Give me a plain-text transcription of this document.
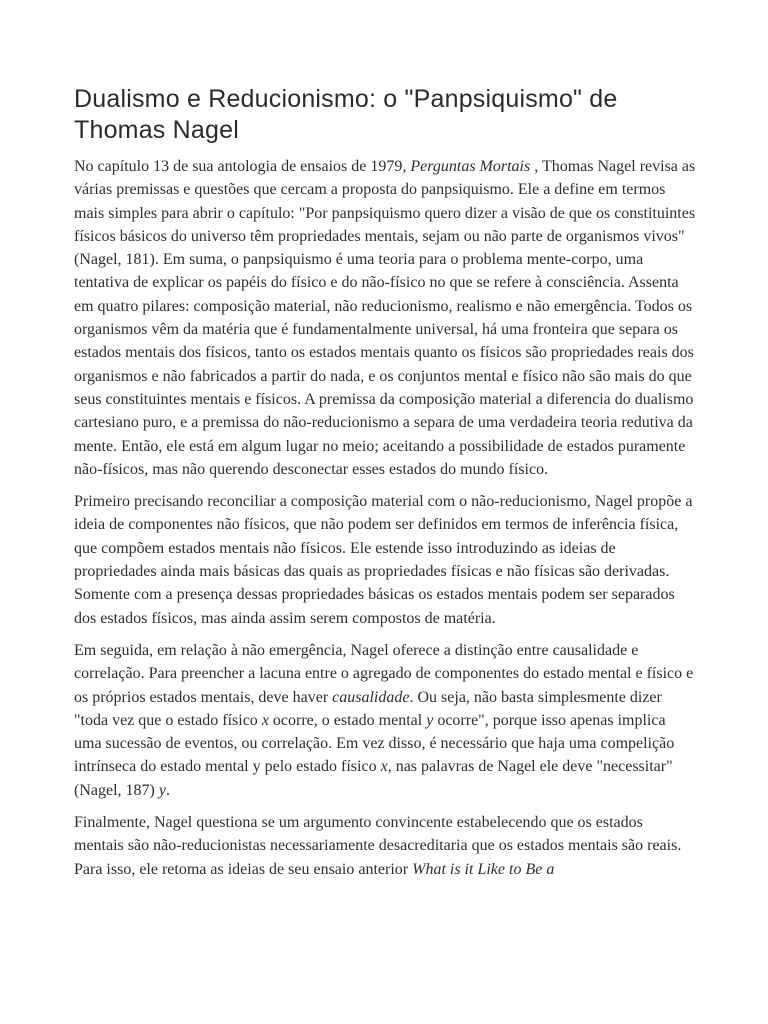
Dualismo e Reducionismo: o "Panpsiquismo" de Thomas Nagel

No capítulo 13 de sua antologia de ensaios de 1979, Perguntas Mortais , Thomas Nagel revisa as várias premissas e questões que cercam a proposta do panpsiquismo. Ele a define em termos mais simples para abrir o capítulo: "Por panpsiquismo quero dizer a visão de que os constituintes físicos básicos do universo têm propriedades mentais, sejam ou não parte de organismos vivos" (Nagel, 181). Em suma, o panpsiquismo é uma teoria para o problema mente-corpo, uma tentativa de explicar os papéis do físico e do não-físico no que se refere à consciência. Assenta em quatro pilares: composição material, não reducionismo, realismo e não emergência. Todos os organismos vêm da matéria que é fundamentalmente universal, há uma fronteira que separa os estados mentais dos físicos, tanto os estados mentais quanto os físicos são propriedades reais dos organismos e não fabricados a partir do nada, e os conjuntos mental e físico não são mais do que seus constituintes mentais e físicos. A premissa da composição material a diferencia do dualismo cartesiano puro, e a premissa do não-reducionismo a separa de uma verdadeira teoria redutiva da mente. Então, ele está em algum lugar no meio; aceitando a possibilidade de estados puramente não-físicos, mas não querendo desconectar esses estados do mundo físico.

Primeiro precisando reconciliar a composição material com o não-reducionismo, Nagel propõe a ideia de componentes não físicos, que não podem ser definidos em termos de inferência física, que compõem estados mentais não físicos. Ele estende isso introduzindo as ideias de propriedades ainda mais básicas das quais as propriedades físicas e não físicas são derivadas. Somente com a presença dessas propriedades básicas os estados mentais podem ser separados dos estados físicos, mas ainda assim serem compostos de matéria.

Em seguida, em relação à não emergência, Nagel oferece a distinção entre causalidade e correlação. Para preencher a lacuna entre o agregado de componentes do estado mental e físico e os próprios estados mentais, deve haver causalidade. Ou seja, não basta simplesmente dizer "toda vez que o estado físico x ocorre, o estado mental y ocorre", porque isso apenas implica uma sucessão de eventos, ou correlação. Em vez disso, é necessário que haja uma compelição intrínseca do estado mental y pelo estado físico x, nas palavras de Nagel ele deve "necessitar" (Nagel, 187) y.

Finalmente, Nagel questiona se um argumento convincente estabelecendo que os estados mentais são não-reducionistas necessariamente desacreditaria que os estados mentais são reais. Para isso, ele retoma as ideias de seu ensaio anterior What is it Like to Be a
